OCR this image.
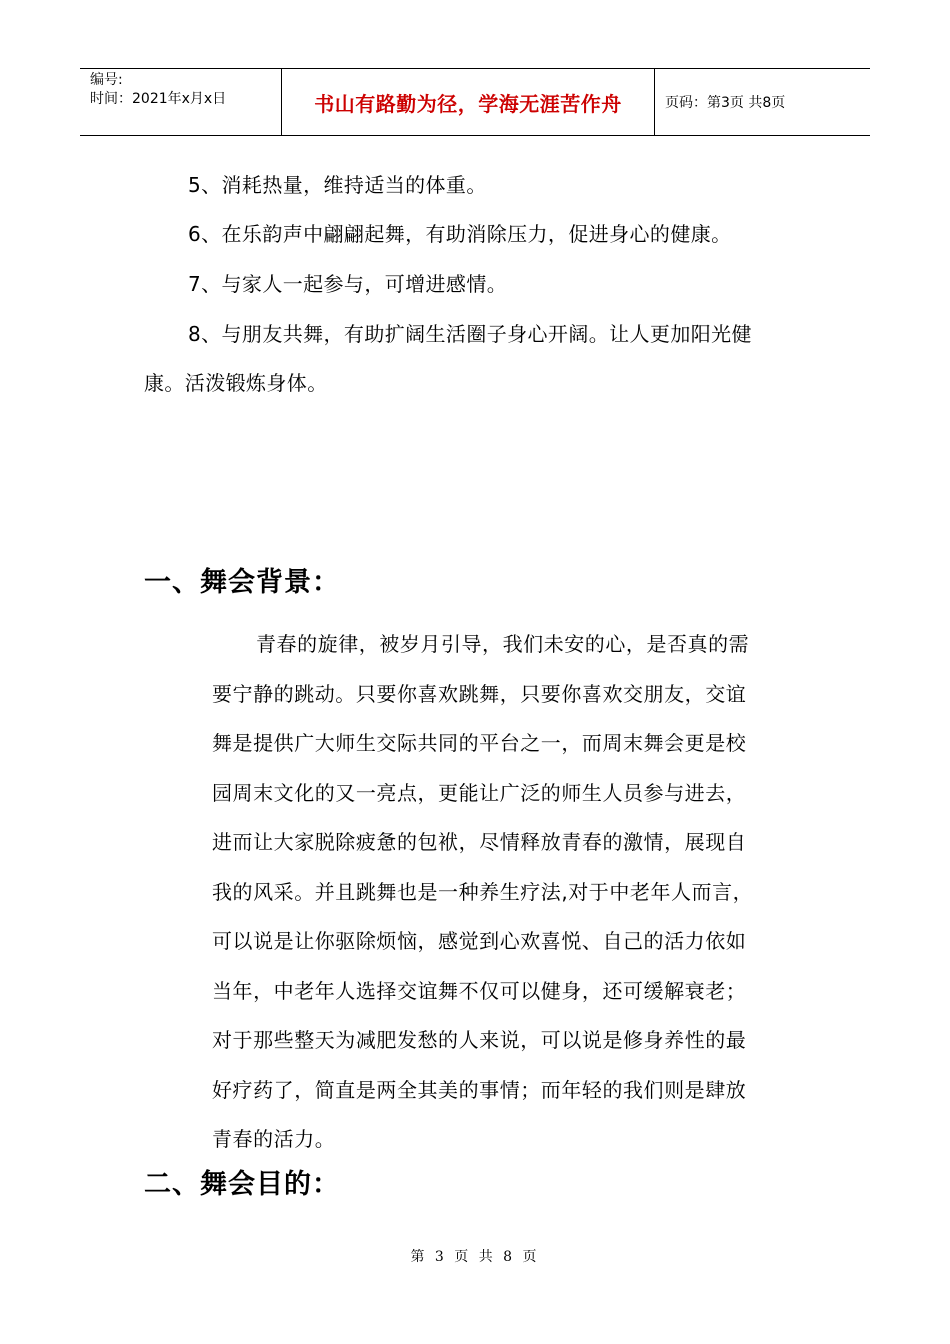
编号:
时间：2021年x月x日	书山有路勤为径，学海无涯苦作舟	页码：第3页 共8页
5、消耗热量，维持适当的体重。
6、在乐韵声中翩翩起舞，有助消除压力，促进身心的健康。
7、与家人一起参与，可增进感情。
8、与朋友共舞，有助扩阔生活圈子身心开阔。让人更加阳光健
康。活泼锻炼身体。
一、舞会背景：
青春的旋律，被岁月引导，我们未安的心，是否真的需
要宁静的跳动。只要你喜欢跳舞，只要你喜欢交朋友，交谊
舞是提供广大师生交际共同的平台之一，而周末舞会更是校
园周末文化的又一亮点，更能让广泛的师生人员参与进去，
进而让大家脱除疲惫的包袱，尽情释放青春的激情，展现自
我的风采。并且跳舞也是一种养生疗法,对于中老年人而言，
可以说是让你驱除烦恼，感觉到心欢喜悦、自己的活力依如
当年，中老年人选择交谊舞不仅可以健身，还可缓解衰老；
对于那些整天为减肥发愁的人来说，可以说是修身养性的最
好疗药了，简直是两全其美的事情；而年轻的我们则是肆放
青春的活力。
二、舞会目的：
第 3 页 共 8 页
